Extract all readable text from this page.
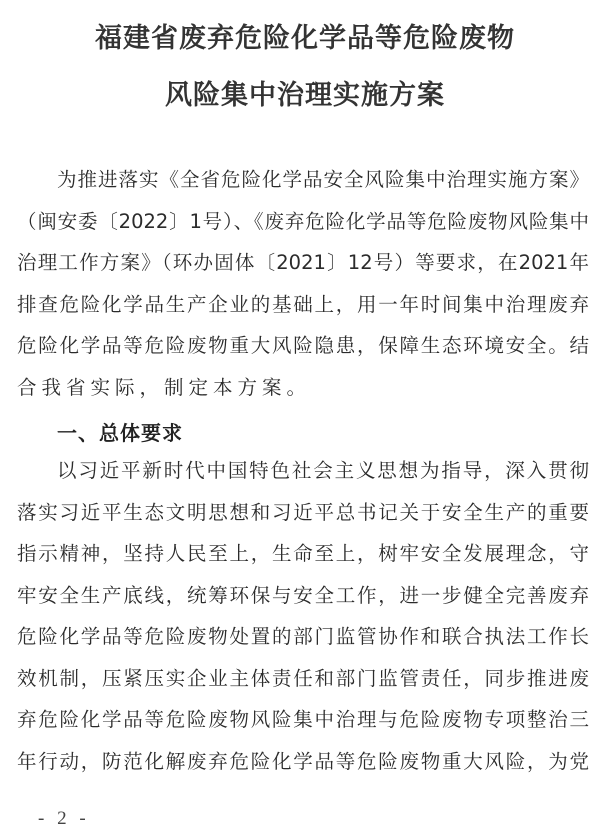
福建省废弃危险化学品等危险废物
风险集中治理实施方案
为推进落实《全省危险化学品安全风险集中治理实施方案》
（闽安委〔2022〕1号）、《废弃危险化学品等危险废物风险集中
治理工作方案》（环办固体〔2021〕12号）等要求，在2021年
排查危险化学品生产企业的基础上，用一年时间集中治理废弃
危险化学品等危险废物重大风险隐患，保障生态环境安全。结
合我省实际，制定本方案。
一、总体要求
以习近平新时代中国特色社会主义思想为指导，深入贯彻
落实习近平生态文明思想和习近平总书记关于安全生产的重要
指示精神，坚持人民至上，生命至上，树牢安全发展理念，守
牢安全生产底线，统筹环保与安全工作，进一步健全完善废弃
危险化学品等危险废物处置的部门监管协作和联合执法工作长
效机制，压紧压实企业主体责任和部门监管责任，同步推进废
弃危险化学品等危险废物风险集中治理与危险废物专项整治三
年行动，防范化解废弃危险化学品等危险废物重大风险，为党
- 2 -
